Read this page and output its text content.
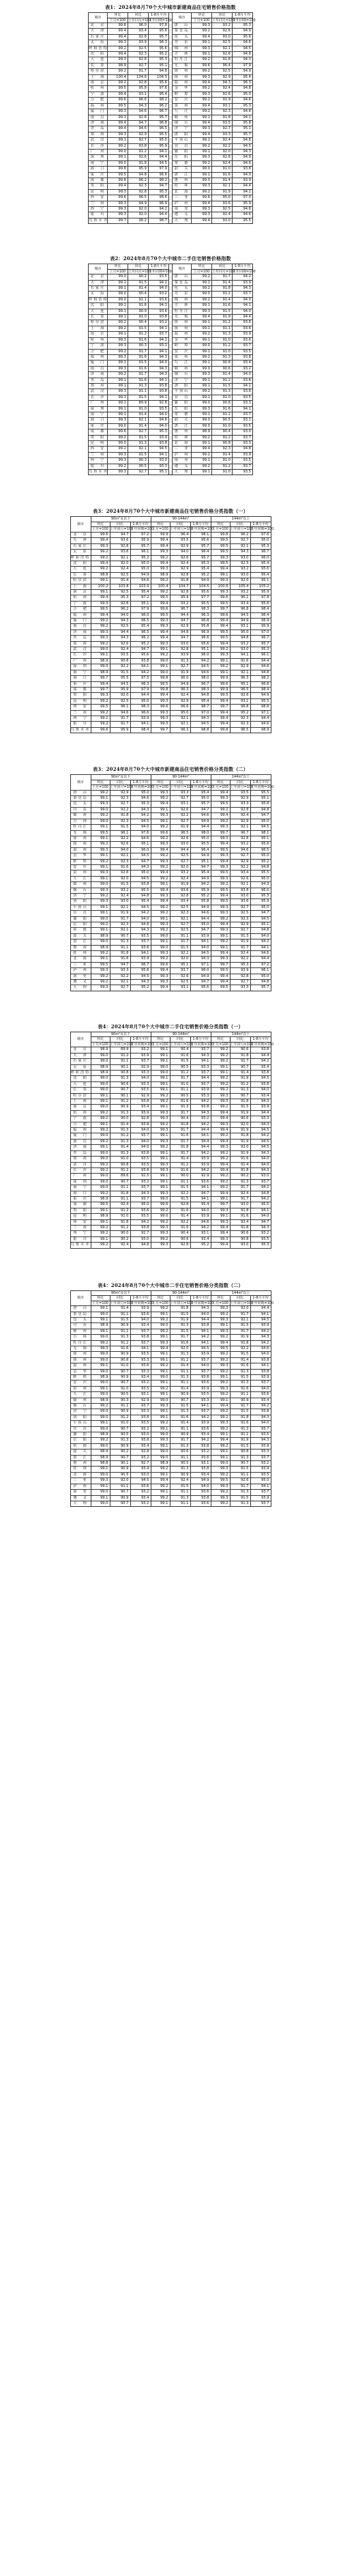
表1：2024年8月70个大中城市新建商品住宅销售价格指数
城市	环比	同比	1-8月平均		城市	环比	同比	1-8月平均
	上月=100	上年同月=100	上年同期=100			上月=100	上年同月=100	上年同期=100
北　京	99.8	96.0	97.8		唐　山	99.3	93.2	95.3
天　津	99.4	93.4	95.6		秦皇岛	99.2	92.6	94.9
石家庄	99.4	92.8	95.7		包　头	99.4	93.0	95.6
太　原	99.3	93.9	96.3		丹　东	99.1	92.5	94.6
呼和浩特	99.2	92.5	95.6		锦　州	99.3	92.1	94.5
沈　阳	99.4	92.3	95.2		吉　林	99.1	92.6	94.8
大　连	99.3	92.8	95.3		牡丹江	99.2	91.8	94.3
长　春	98.9	92.7	95.1		无　锡	99.6	96.4	97.9
哈尔滨	99.2	91.7	94.8		徐　州	99.2	92.5	94.9
上　海	100.4	104.6	104.5		扬　州	99.3	92.9	95.4
南　京	99.2	92.8	95.6		温　州	99.4	94.3	96.3
杭　州	99.5	95.8	97.6		金　华	99.2	92.4	94.8
宁　波	99.4	93.1	95.4		蚌　埠	99.3	92.6	95.0
合　肥	99.6	96.6	98.2		安　庆	99.2	91.9	94.6
福　州	99.5	94.3	96.2		泉　州	99.4	93.1	95.3
厦　门	99.3	94.6	96.7		九　江	99.2	92.3	94.8
南　昌	99.3	92.8	95.7		赣　州	99.1	91.8	94.1
济　南	99.4	94.7	96.8		烟　台	99.4	93.5	95.8
青　岛	99.4	94.6	96.5		济　宁	99.3	92.7	95.1
郑　州	99.3	92.9	95.5		洛　阳	99.4	93.3	95.7
武　汉	99.1	92.7	95.0		平顶山	99.2	92.4	94.8
长　沙	99.2	93.8	95.9		宜　昌	99.2	92.2	94.5
广　州	99.0	91.2	94.1		襄　阳	99.1	92.0	94.3
深　圳	99.1	92.6	94.4		岳　阳	99.3	92.6	94.9
南　宁	99.0	91.8	94.5		常　德	99.2	92.4	94.6
海　口	99.8	95.9	97.9		韶　关	99.0	91.0	93.8
重　庆	99.5	94.8	96.6		湛　江	99.1	91.6	94.0
成　都	99.8	96.2	98.2		惠　州	99.0	91.4	93.9
贵　阳	99.4	92.3	94.7		桂　林	99.3	92.1	94.4
昆　明	99.3	92.8	95.3		北　海	99.2	91.9	94.2
西　安	99.6	96.5	98.6		三　亚	99.6	95.0	97.0
兰　州	99.3	94.9	96.9		泸　州	99.4	93.6	95.9
西　宁	99.3	92.0	94.2		南　充	99.3	92.5	94.8
银　川	99.3	92.0	94.4		遵　义	99.3	92.4	94.6
乌鲁木齐	99.7	96.2	98.7		大　理	99.4	93.0	95.5
表2：2024年8月70个大中城市二手住宅销售价格指数
城市	环比	同比	1-8月平均		城市	环比	同比	1-8月平均
	上月=100	上年同月=100	上年同期=100			上月=100	上年同月=100	上年同期=100
北　京	99.0	90.2	93.5		唐　山	99.2	91.7	94.2
天　津	99.1	91.5	94.2		秦皇岛	99.1	91.4	93.9
石家庄	99.1	91.4	94.0		包　头	99.2	91.8	94.3
太　原	99.0	90.4	93.2		丹　东	99.0	91.2	93.7
呼和浩特	99.0	91.1	93.6		锦　州	99.2	91.4	94.0
沈　阳	99.1	91.6	94.3		吉　林	99.1	91.6	94.1
大　连	99.1	90.9	93.6		牡丹江	99.3	91.5	94.0
长　春	99.1	91.0	93.8		无　锡	99.4	91.9	94.4
哈尔滨	99.2	90.4	93.2		徐　州	99.1	91.2	93.8
上　海	99.2	91.5	94.1		扬　州	99.1	91.1	93.6
南　京	99.1	91.2	93.7		温　州	99.2	91.3	93.9
杭　州	99.3	91.6	94.2		金　华	99.1	91.0	93.6
宁　波	99.3	90.3	93.1		蚌　埠	99.0	91.2	93.7
合　肥	99.2	91.7	94.1		安　庆	99.1	91.0	93.5
福　州	99.3	91.6	94.3		泉　州	99.2	91.3	93.8
厦　门	99.1	91.5	94.0		九　江	99.1	90.8	93.4
南　昌	99.3	91.6	94.3		赣　州	99.0	90.6	93.2
济　南	99.2	91.7	94.3		烟　台	99.3	91.4	94.0
青　岛	99.1	91.6	94.1		济　宁	99.1	91.2	93.6
郑　州	99.1	91.3	93.8		洛　阳	99.1	91.5	94.1
武　汉	99.3	91.1	93.8		平顶山	99.2	91.3	93.8
长　沙	99.3	91.5	94.1		宜　昌	99.1	91.0	93.5
广　州	99.1	89.9	92.8		襄　阳	99.0	90.8	93.3
深　圳	99.1	91.0	93.5		岳　阳	99.3	91.6	94.1
南　宁	99.1	91.4	94.0		常　德	99.1	91.2	93.7
海　口	99.3	92.1	94.6		韶　关	99.0	90.5	93.1
重　庆	99.0	91.4	94.0		湛　江	99.0	91.0	93.5
成　都	99.6	92.7	95.3		惠　州	98.9	90.4	93.0
贵　阳	99.2	91.5	93.9		桂　林	99.2	91.2	93.7
昆　明	99.0	91.3	93.8		北　海	99.1	90.8	93.3
西　安	99.2	92.1	94.5		三　亚	99.4	92.3	94.8
兰　州	99.3	91.5	94.1		泸　州	99.2	91.4	93.9
西　宁	99.3	90.3	93.0		南　充	99.1	91.0	93.5
银　川	99.2	90.5	93.3		遵　义	99.2	91.2	93.7
乌鲁木齐	99.3	92.7	95.1		大　理	99.1	91.0	93.5
表3：2024年8月70个大中城市新建商品住宅销售价格分类指数（一）
城市	90m²及以下			90-144m²			144m²以上		
	环比	同比	1-8月平均	环比	同比	1-8月平均	环比	同比	1-8月平均
	上月=100	上年同月=100	上年同期=100	上月=100	上年同月=100	上年同期=100	上月=100	上年同月=100	上年同期=100
北　京	99.6	94.7	97.2	99.9	96.4	98.1	99.8	96.2	97.6
天　津	99.4	93.6	95.9	99.4	93.5	95.6	99.5	92.7	95.0
石家庄	99.3	92.8	95.7	99.4	92.9	95.7	99.5	92.1	95.3
太　原	99.2	93.6	96.1	99.3	94.0	96.4	99.5	94.3	96.7
呼和浩特	99.2	92.1	95.2	99.2	92.6	95.7	99.3	93.0	96.0
沈　阳	99.4	92.0	95.0	99.4	92.4	95.3	99.5	92.5	95.4
大　连	99.2	92.4	95.0	99.3	92.9	95.4	99.4	93.2	95.6
长　春	98.8	92.5	94.9	98.9	92.8	95.2	99.1	93.0	95.4
哈尔滨	99.1	91.4	94.6	99.2	91.8	94.9	99.3	92.0	95.1
上　海	100.2	103.8	103.9	100.4	104.7	104.5	100.6	105.4	105.2
南　京	99.1	92.5	95.4	99.2	92.8	95.6	99.3	93.2	95.9
杭　州	99.4	95.3	97.2	99.5	95.9	97.7	99.6	96.1	97.8
宁　波	99.3	92.8	95.1	99.4	93.2	95.5	99.5	93.4	95.6
合　肥	99.5	96.2	97.9	99.6	96.7	98.3	99.7	96.8	98.4
福　州	99.4	94.0	96.0	99.5	94.4	96.3	99.6	94.5	96.4
厦　门	99.2	94.3	96.5	99.3	94.7	96.8	99.4	94.9	96.9
南　昌	99.2	92.5	95.4	99.3	92.9	95.8	99.4	93.1	95.9
济　南	99.3	94.4	96.5	99.4	94.8	96.9	99.5	95.0	97.0
青　岛	99.3	94.3	96.2	99.4	94.7	96.6	99.5	94.8	96.7
郑　州	99.2	92.6	95.2	99.3	93.0	95.6	99.4	93.2	95.7
武　汉	99.0	92.4	94.7	99.1	92.8	95.1	99.2	93.0	95.3
长　沙	99.1	93.5	95.6	99.2	93.9	96.0	99.3	94.1	96.1
广　州	98.9	90.8	93.8	99.0	91.3	94.2	99.1	91.6	94.4
深　圳	99.0	92.2	94.1	99.1	92.7	94.5	99.2	92.9	94.6
南　宁	98.9	91.5	94.2	99.0	91.9	94.6	99.1	92.1	94.8
海　口	99.7	95.5	97.5	99.8	96.0	98.0	99.9	96.3	98.2
重　庆	99.4	94.5	96.3	99.5	94.9	96.7	99.6	95.1	96.8
成　都	99.7	95.9	97.9	99.8	96.3	98.3	99.9	96.5	98.4
贵　阳	99.3	92.0	94.4	99.4	92.4	94.8	99.5	92.6	94.9
昆　明	99.2	92.5	95.0	99.3	92.9	95.4	99.4	93.1	95.5
西　安	99.5	96.1	98.3	99.6	96.6	98.7	99.7	96.8	98.8
兰　州	99.2	94.6	96.6	99.3	95.0	97.0	99.4	95.2	97.1
西　宁	99.2	91.7	93.9	99.3	92.1	94.3	99.4	92.3	94.4
银　川	99.2	91.7	94.1	99.3	92.1	94.5	99.4	92.3	94.6
乌鲁木齐	99.6	95.9	98.4	99.7	96.3	98.8	99.8	96.5	98.9
表3：2024年8月70个大中城市新建商品住宅销售价格分类指数（二）
城市	90m²及以下			90-144m²			144m²以上		
	环比	同比	1-8月平均	环比	同比	1-8月平均	环比	同比	1-8月平均
	上月=100	上年同月=100	上年同期=100	上月=100	上年同月=100	上年同期=100	上月=100	上年同月=100	上年同期=100
唐　山	99.2	92.9	95.0	99.3	93.3	95.4	99.4	93.5	95.5
秦皇岛	99.1	92.3	94.6	99.2	92.7	95.0	99.3	92.9	95.1
包　头	99.3	92.7	95.3	99.4	93.1	95.7	99.5	93.3	95.8
丹　东	99.0	92.2	94.3	99.1	92.6	94.7	99.2	92.8	94.8
锦　州	99.2	91.8	94.2	99.3	92.2	94.6	99.4	92.4	94.7
吉　林	99.0	92.3	94.5	99.1	92.7	94.9	99.2	92.9	95.0
牡丹江	99.1	91.5	94.0	99.2	91.9	94.4	99.3	92.1	94.5
无　锡	99.5	96.1	97.6	99.6	96.5	98.0	99.7	96.7	98.1
徐　州	99.1	92.2	94.6	99.2	92.6	95.0	99.3	92.8	95.1
扬　州	99.2	92.6	95.1	99.3	93.0	95.5	99.4	93.2	95.6
温　州	99.3	94.0	96.0	99.4	94.4	96.4	99.5	94.6	96.5
金　华	99.1	92.1	94.5	99.2	92.5	94.9	99.3	92.7	95.0
蚌　埠	99.2	92.3	94.7	99.3	92.7	95.1	99.4	92.9	95.2
安　庆	99.1	91.6	94.3	99.2	92.0	94.7	99.3	92.2	94.8
泉　州	99.3	92.8	95.0	99.4	93.2	95.4	99.5	93.4	95.5
九　江	99.1	92.0	94.5	99.2	92.4	94.9	99.3	92.6	95.0
赣　州	99.0	91.5	93.8	99.1	91.9	94.2	99.2	92.1	94.3
烟　台	99.3	93.2	95.5	99.4	93.6	95.9	99.5	93.8	96.0
济　宁	99.2	92.4	94.8	99.3	92.8	95.2	99.4	93.0	95.3
洛　阳	99.3	93.0	95.4	99.4	93.4	95.8	99.5	93.6	95.9
平顶山	99.1	92.1	94.5	99.2	92.5	94.9	99.3	92.7	95.0
宜　昌	99.1	91.9	94.2	99.2	92.3	94.6	99.3	92.5	94.7
襄　阳	99.0	91.7	94.0	99.1	92.1	94.4	99.2	92.3	94.5
岳　阳	99.2	92.3	94.6	99.3	92.7	95.0	99.4	92.9	95.1
常　德	99.1	92.1	94.3	99.2	92.5	94.7	99.3	92.7	94.8
韶　关	98.9	90.7	93.5	99.0	91.1	93.9	99.1	91.3	94.0
湛　江	99.0	91.3	93.7	99.1	91.7	94.1	99.2	91.9	94.2
惠　州	98.9	91.1	93.6	99.0	91.5	94.0	99.1	91.7	94.1
桂　林	99.2	91.8	94.1	99.3	92.2	94.5	99.4	92.4	94.6
北　海	99.1	91.6	93.9	99.2	92.0	94.3	99.3	92.2	94.4
三　亚	99.5	94.7	96.7	99.6	95.1	97.1	99.7	95.3	97.2
泸　州	99.3	93.3	95.6	99.4	93.7	96.0	99.5	93.9	96.1
南　充	99.2	92.2	94.5	99.3	92.6	94.9	99.4	92.8	95.0
遵　义	99.2	92.1	94.3	99.3	92.5	94.7	99.4	92.7	94.8
大　理	99.3	92.7	95.2	99.4	93.1	95.6	99.5	93.3	95.7
表4：2024年8月70个大中城市二手住宅销售价格分类指数（一）
城市	90m²及以下			90-144m²			144m²以上		
	环比	同比	1-8月平均	环比	同比	1-8月平均	环比	同比	1-8月平均
	上月=100	上年同月=100	上年同期=100	上月=100	上年同月=100	上年同期=100	上月=100	上年同月=100	上年同期=100
北　京	98.9	89.9	93.2	99.1	90.4	93.7	99.2	90.6	93.8
天　津	99.0	91.2	93.9	99.1	91.6	94.3	99.2	91.8	94.4
石家庄	99.0	91.1	93.7	99.1	91.5	94.1	99.2	91.7	94.2
太　原	98.9	90.1	92.9	99.0	90.5	93.3	99.1	90.7	93.4
呼和浩特	98.9	90.8	93.3	99.0	91.2	93.7	99.1	91.4	93.8
沈　阳	99.0	91.3	94.0	99.1	91.7	94.4	99.2	91.9	94.5
大　连	99.0	90.6	93.3	99.1	91.0	93.7	99.2	91.2	93.8
长　春	99.0	90.7	93.5	99.1	91.1	93.9	99.2	91.3	94.0
哈尔滨	99.1	90.1	92.9	99.2	90.5	93.3	99.3	90.7	93.4
上　海	99.1	91.2	93.8	99.2	91.6	94.2	99.3	91.8	94.3
南　京	99.0	90.9	93.4	99.1	91.3	93.8	99.2	91.5	93.9
杭　州	99.2	91.3	93.9	99.3	91.7	94.3	99.4	91.9	94.4
宁　波	99.2	90.0	92.8	99.3	90.4	93.2	99.4	90.6	93.3
合　肥	99.1	91.4	93.8	99.2	91.8	94.2	99.3	92.0	94.3
福　州	99.2	91.3	94.0	99.3	91.7	94.4	99.4	91.9	94.5
厦　门	99.0	91.2	93.7	99.1	91.6	94.1	99.2	91.8	94.2
南　昌	99.2	91.3	94.0	99.3	91.7	94.4	99.4	91.9	94.5
济　南	99.1	91.4	94.0	99.2	91.8	94.4	99.3	92.0	94.5
青　岛	99.0	91.3	93.8	99.1	91.7	94.2	99.2	91.9	94.3
郑　州	99.0	91.0	93.5	99.1	91.4	93.9	99.2	91.6	94.0
武　汉	99.2	90.8	93.5	99.3	91.2	93.9	99.4	91.4	94.0
长　沙	99.2	91.2	93.8	99.3	91.6	94.2	99.4	91.8	94.3
广　州	99.0	89.6	92.5	99.1	90.0	92.9	99.2	90.2	93.0
深　圳	99.0	90.7	93.2	99.1	91.1	93.6	99.2	91.3	93.7
南　宁	99.0	91.1	93.7	99.1	91.5	94.1	99.2	91.7	94.2
海　口	99.2	91.8	94.3	99.3	92.2	94.7	99.4	92.4	94.8
重　庆	98.9	91.1	93.7	99.0	91.5	94.1	99.1	91.7	94.2
成　都	99.5	92.4	95.0	99.6	92.8	95.4	99.7	93.0	95.5
贵　阳	99.1	91.2	93.6	99.2	91.6	94.0	99.3	91.8	94.1
昆　明	98.9	91.0	93.5	99.0	91.4	93.9	99.1	91.6	94.0
西　安	99.1	91.8	94.2	99.2	92.2	94.6	99.3	92.4	94.7
兰　州	99.2	91.2	93.8	99.3	91.6	94.2	99.4	91.8	94.3
西　宁	99.2	90.0	92.7	99.3	90.4	93.1	99.4	90.6	93.2
银　川	99.1	90.2	93.0	99.2	90.6	93.4	99.3	90.8	93.5
乌鲁木齐	99.2	92.4	94.8	99.3	92.8	95.2	99.4	93.0	95.3
表4：2024年8月70个大中城市二手住宅销售价格分类指数（二）
城市	90m²及以下			90-144m²			144m²以上		
	环比	同比	1-8月平均	环比	同比	1-8月平均	环比	同比	1-8月平均
	上月=100	上年同月=100	上年同期=100	上月=100	上年同月=100	上年同期=100	上月=100	上年同月=100	上年同期=100
唐　山	99.1	91.4	93.9	99.2	91.8	94.3	99.3	92.0	94.4
秦皇岛	99.0	91.1	93.6	99.1	91.5	94.0	99.2	91.7	94.1
包　头	99.1	91.5	94.0	99.2	91.9	94.4	99.3	92.1	94.5
丹　东	98.9	90.9	93.4	99.0	91.3	93.8	99.1	91.5	93.9
锦　州	99.1	91.1	93.7	99.2	91.5	94.1	99.3	91.7	94.2
吉　林	99.0	91.3	93.8	99.1	91.7	94.2	99.2	91.9	94.3
牡丹江	99.2	91.2	93.7	99.3	91.6	94.1	99.4	91.8	94.2
无　锡	99.3	91.6	94.1	99.4	92.0	94.5	99.5	92.2	94.6
徐　州	99.0	90.9	93.5	99.1	91.3	93.9	99.2	91.5	94.0
扬　州	99.0	90.8	93.3	99.1	91.2	93.7	99.2	91.4	93.8
温　州	99.1	91.0	93.6	99.2	91.4	94.0	99.3	91.6	94.1
金　华	99.0	90.7	93.3	99.1	91.1	93.7	99.2	91.3	93.8
蚌　埠	98.9	90.9	93.4	99.0	91.3	93.8	99.1	91.5	93.9
安　庆	99.0	90.7	93.2	99.1	91.1	93.6	99.2	91.3	93.7
泉　州	99.1	91.0	93.5	99.2	91.4	93.9	99.3	91.6	94.0
九　江	99.0	90.5	93.1	99.1	90.9	93.5	99.2	91.1	93.6
赣　州	98.9	90.3	92.9	99.0	90.7	93.3	99.1	90.9	93.4
烟　台	99.2	91.1	93.7	99.3	91.5	94.1	99.4	91.7	94.2
济　宁	99.0	90.9	93.3	99.1	91.3	93.7	99.2	91.5	93.8
洛　阳	99.0	91.2	93.8	99.1	91.6	94.2	99.2	91.8	94.3
平顶山	99.1	91.0	93.5	99.2	91.4	93.9	99.3	91.6	94.0
宜　昌	99.0	90.7	93.2	99.1	91.1	93.6	99.2	91.3	93.7
襄　阳	98.9	90.5	93.0	99.0	90.9	93.4	99.1	91.1	93.5
岳　阳	99.2	91.3	93.8	99.3	91.7	94.2	99.4	91.9	94.3
常　德	99.0	90.9	93.4	99.1	91.3	93.8	99.2	91.5	93.9
韶　关	98.9	90.2	92.8	99.0	90.6	93.2	99.1	90.8	93.3
湛　江	98.9	90.7	93.2	99.0	91.1	93.6	99.1	91.3	93.7
惠　州	98.8	90.1	92.7	98.9	90.5	93.1	99.0	90.7	93.2
桂　林	99.1	90.9	93.4	99.2	91.3	93.8	99.3	91.5	93.9
北　海	99.0	90.5	93.0	99.1	90.9	93.4	99.2	91.1	93.5
三　亚	99.3	92.0	94.5	99.4	92.4	94.9	99.5	92.6	95.0
泸　州	99.1	91.1	93.6	99.2	91.5	94.0	99.3	91.7	94.1
南　充	99.0	90.7	93.2	99.1	91.1	93.6	99.2	91.3	93.7
遵　义	99.1	90.9	93.4	99.2	91.3	93.8	99.3	91.5	93.9
大　理	99.0	90.7	93.2	99.1	91.1	93.6	99.2	91.3	93.7
